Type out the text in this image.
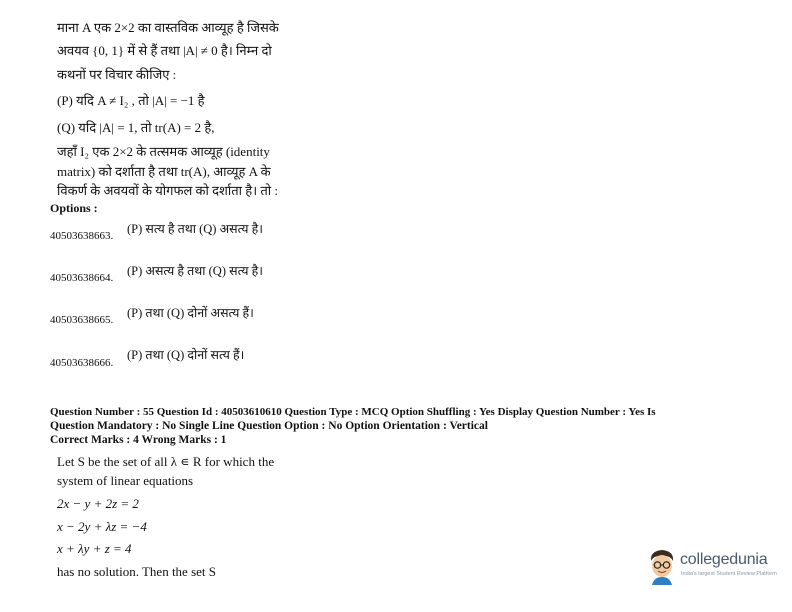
माना A एक 2×2 का वास्तविक आव्यूह है जिसके
अवयव {0, 1} में से हैं तथा |A| ≠ 0 है। निम्न दो
कथनों पर विचार कीजिए :
(P) यदि A ≠ I₂ , तो |A| = −1 है
(Q) यदि |A| = 1, तो tr(A) = 2 है,
जहाँ I₂ एक 2×2 के तत्समक आव्यूह (identity
matrix) को दर्शाता है तथा tr(A), आव्यूह A के
विकर्ण के अवयवों के योगफल को दर्शाता है। तो :
Options :
40503638663. (P) सत्य है तथा (Q) असत्य है।
40503638664. (P) असत्य है तथा (Q) सत्य है।
40503638665. (P) तथा (Q) दोनों असत्य हैं।
40503638666.
(P) तथा (Q) दोनों सत्य हैं।
Question Number : 55 Question Id : 40503610610 Question Type : MCQ Option Shuffling : Yes Display Question Number : Yes Is
Question Mandatory : No Single Line Question Option : No Option Orientation : Vertical
Correct Marks : 4 Wrong Marks : 1
Let S be the set of all λ ∊ R for which the
system of linear equations
2x − y + 2z = 2
x − 2y + λz = −4
x + λy + z = 4
has no solution. Then the set S
collegedunia
India's largest Student Review Platform
